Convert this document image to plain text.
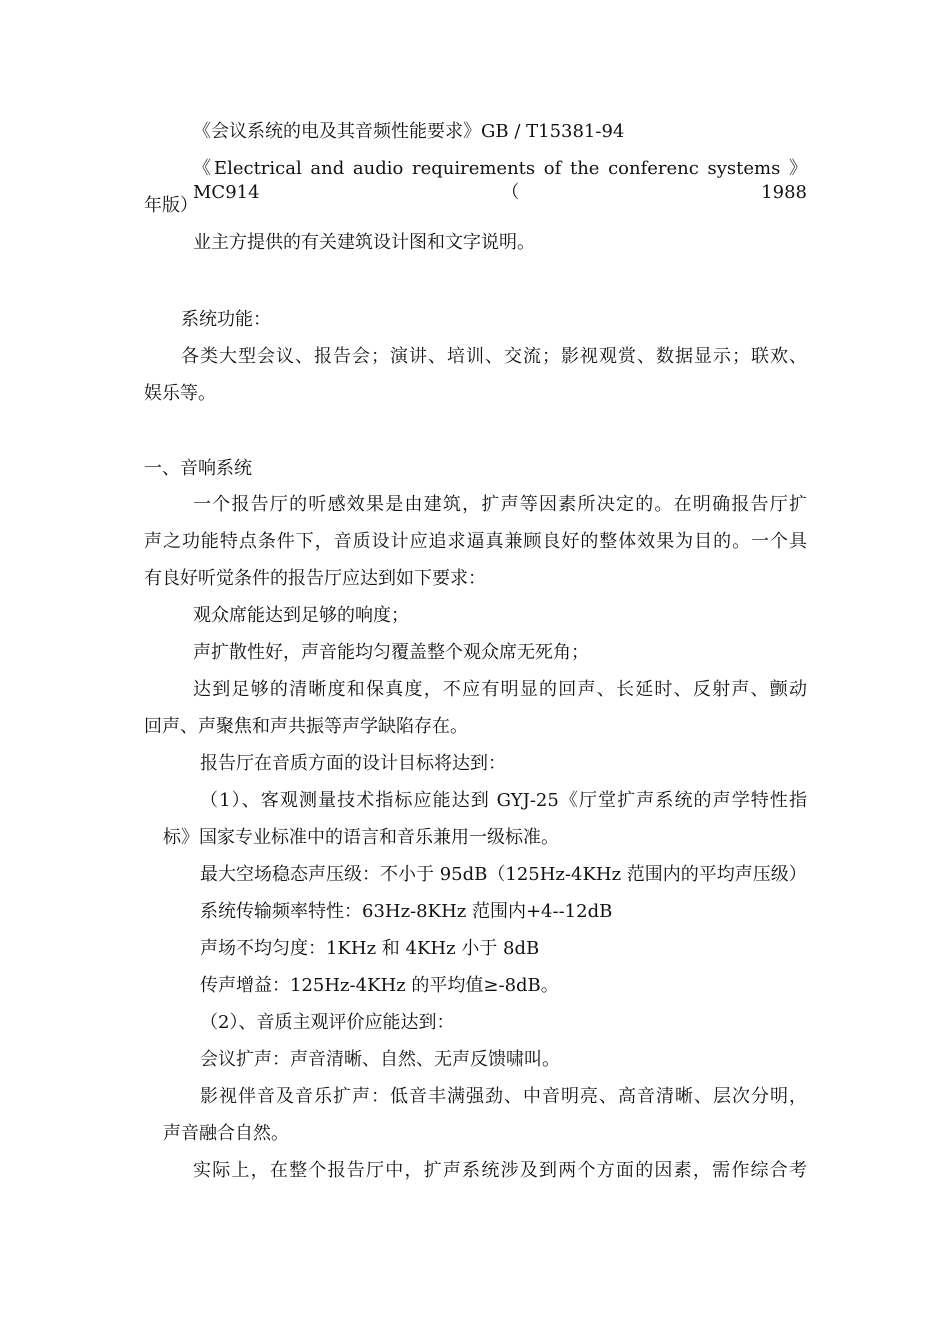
《会议系统的电及其音频性能要求》GB / T15381-94
《Electrical and audio requirements of the conferenc systems 》MC914（1988
年版）
业主方提供的有关建筑设计图和文字说明。
系统功能：
各类大型会议、报告会；演讲、培训、交流；影视观赏、数据显示；联欢、
娱乐等。
一、音响系统
一个报告厅的听感效果是由建筑，扩声等因素所决定的。在明确报告厅扩
声之功能特点条件下，音质设计应追求逼真兼顾良好的整体效果为目的。一个具
有良好听觉条件的报告厅应达到如下要求：
观众席能达到足够的响度；
声扩散性好，声音能均匀覆盖整个观众席无死角；
达到足够的清晰度和保真度，不应有明显的回声、长延时、反射声、颤动
回声、声聚焦和声共振等声学缺陷存在。
报告厅在音质方面的设计目标将达到：
（1）、客观测量技术指标应能达到 GYJ-25《厅堂扩声系统的声学特性指
标》国家专业标准中的语言和音乐兼用一级标准。
最大空场稳态声压级：不小于 95dB（125Hz-4KHz 范围内的平均声压级）
系统传输频率特性：63Hz-8KHz 范围内+4--12dB
声场不均匀度：1KHz 和 4KHz 小于 8dB
传声增益：125Hz-4KHz 的平均值≥-8dB。
（2）、音质主观评价应能达到：
会议扩声：声音清晰、自然、无声反馈啸叫。
影视伴音及音乐扩声：低音丰满强劲、中音明亮、高音清晰、层次分明，
声音融合自然。
实际上，在整个报告厅中，扩声系统涉及到两个方面的因素，需作综合考
